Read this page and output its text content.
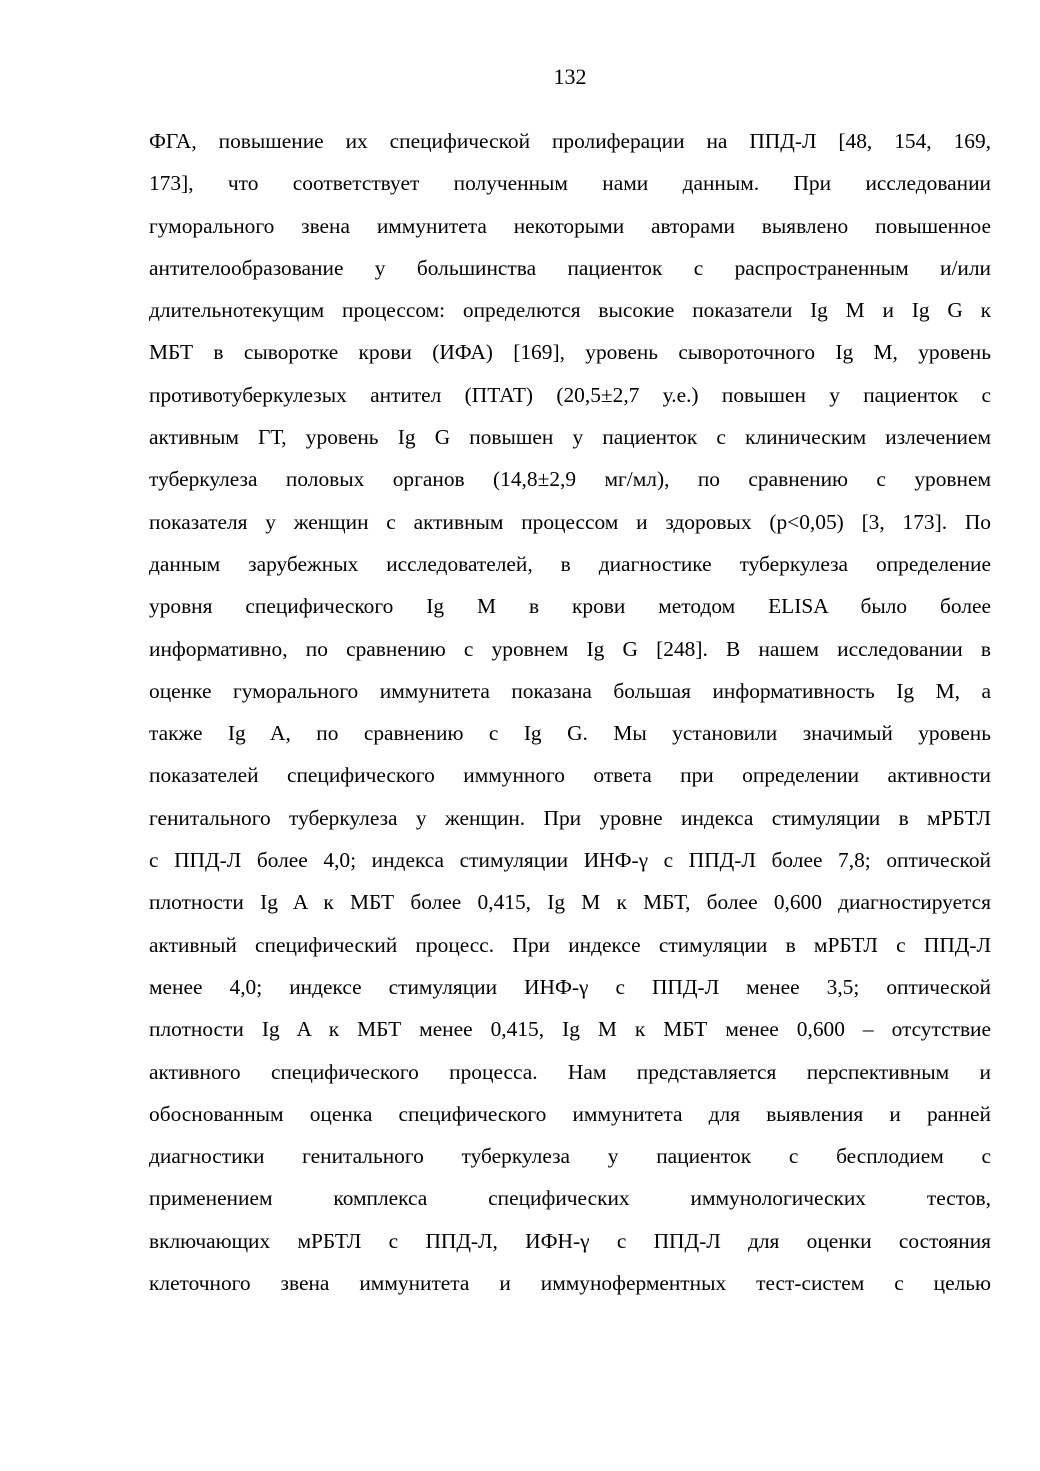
132
ФГА, повышение их специфической пролиферации на ППД-Л [48, 154, 169,
173], что соответствует полученным нами данным. При исследовании
гуморального звена иммунитета некоторыми авторами выявлено повышенное
антителообразование у большинства пациенток с распространенным и/или
длительнотекущим процессом: определются высокие показатели Ig M и Ig G к
МБТ в сыворотке крови (ИФА) [169], уровень сывороточного Ig M, уровень
противотуберкулезых антител (ПТАТ) (20,5±2,7 у.е.) повышен у пациенток с
активным ГТ, уровень Ig G повышен у пациенток с клиническим излечением
туберкулеза половых органов (14,8±2,9 мг/мл), по сравнению с уровнем
показателя у женщин с активным процессом и здоровых (р<0,05) [3, 173]. По
данным зарубежных исследователей, в диагностике туберкулеза определение
уровня специфического Ig M в крови методом ELISA было более
информативно, по сравнению с уровнем Ig G [248]. В нашем исследовании в
оценке гуморального иммунитета показана большая информативность Ig M, а
также Ig A, по сравнению с Ig G. Мы установили значимый уровень
показателей специфического иммунного ответа при определении активности
генитального туберкулеза у женщин. При уровне индекса стимуляции в мРБТЛ
с ППД-Л более 4,0; индекса стимуляции ИНФ-γ с ППД-Л более 7,8; оптической
плотности Ig A к МБТ более 0,415, Ig M к МБТ, более 0,600 диагностируется
активный специфический процесс. При индексе стимуляции в мРБТЛ с ППД-Л
менее 4,0; индексе стимуляции ИНФ-γ с ППД-Л менее 3,5; оптической
плотности Ig A к МБТ менее 0,415, Ig M к МБТ менее 0,600 – отсутствие
активного специфического процесса. Нам представляется перспективным и
обоснованным оценка специфического иммунитета для выявления и ранней
диагностики генитального туберкулеза у пациенток с бесплодием с
применением комплекса специфических иммунологических тестов,
включающих мРБТЛ с ППД-Л, ИФН-γ с ППД-Л для оценки состояния
клеточного звена иммунитета и иммуноферментных тест-систем с целью
